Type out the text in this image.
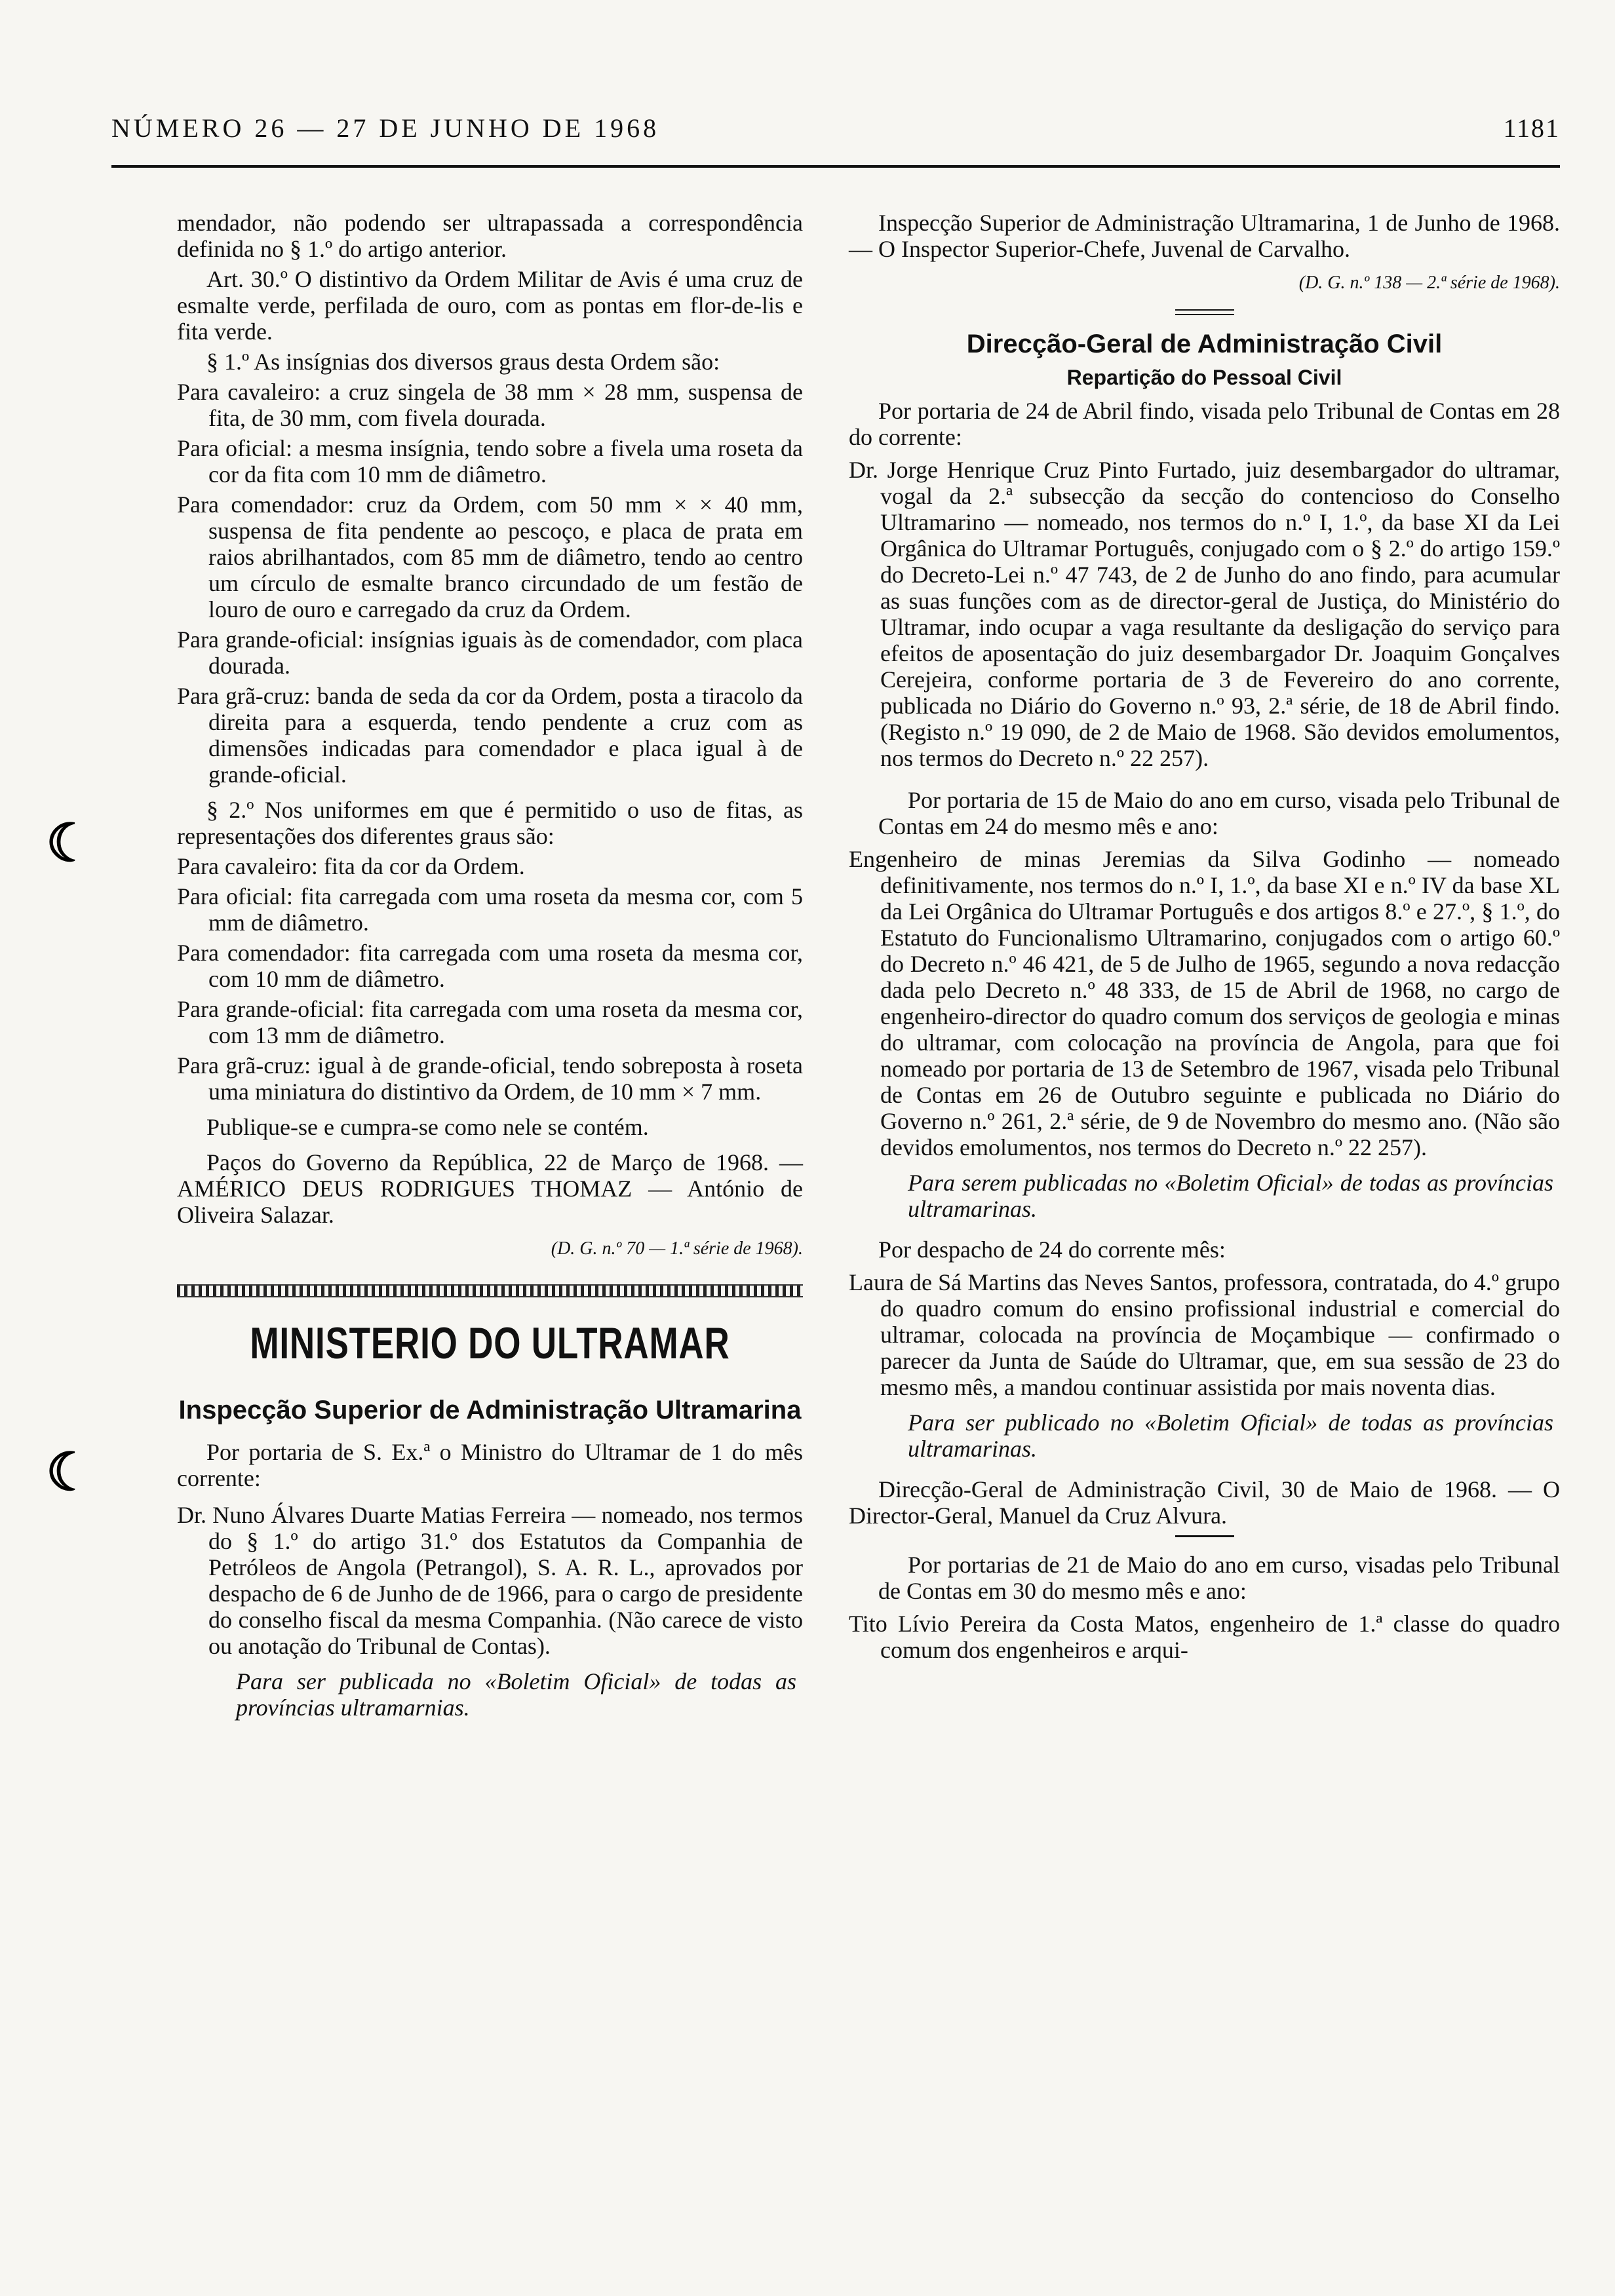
NÚMERO 26 — 27 DE JUNHO DE 1968	1181
☾
☾

mendador, não podendo ser ultrapassada a correspondência definida no § 1.º do artigo anterior.

Art. 30.º O distintivo da Ordem Militar de Avis é uma cruz de esmalte verde, perfilada de ouro, com as pontas em flor-de-lis e fita verde.

§ 1.º As insígnias dos diversos graus desta Ordem são:

Para cavaleiro: a cruz singela de 38 mm × 28 mm, suspensa de fita, de 30 mm, com fivela dourada.

Para oficial: a mesma insígnia, tendo sobre a fivela uma roseta da cor da fita com 10 mm de diâmetro.

Para comendador: cruz da Ordem, com 50 mm × × 40 mm, suspensa de fita pendente ao pescoço, e placa de prata em raios abrilhantados, com 85 mm de diâmetro, tendo ao centro um círculo de esmalte branco circundado de um festão de louro de ouro e carregado da cruz da Ordem.

Para grande-oficial: insígnias iguais às de comendador, com placa dourada.

Para grã-cruz: banda de seda da cor da Ordem, posta a tiracolo da direita para a esquerda, tendo pendente a cruz com as dimensões indicadas para comendador e placa igual à de grande-oficial.

§ 2.º Nos uniformes em que é permitido o uso de fitas, as representações dos diferentes graus são:

Para cavaleiro: fita da cor da Ordem.

Para oficial: fita carregada com uma roseta da mesma cor, com 5 mm de diâmetro.

Para comendador: fita carregada com uma roseta da mesma cor, com 10 mm de diâmetro.

Para grande-oficial: fita carregada com uma roseta da mesma cor, com 13 mm de diâmetro.

Para grã-cruz: igual à de grande-oficial, tendo sobreposta à roseta uma miniatura do distintivo da Ordem, de 10 mm × 7 mm.

Publique-se e cumpra-se como nele se contém.

Paços do Governo da República, 22 de Março de 1968. — AMÉRICO DEUS RODRIGUES THOMAZ — António de Oliveira Salazar.

(D. G. n.º 70 — 1.ª série de 1968).

MINISTERIO DO ULTRAMAR
Inspecção Superior de Administração Ultramarina

Por portaria de S. Ex.ª o Ministro do Ultramar de 1 do mês corrente:

Dr. Nuno Álvares Duarte Matias Ferreira — nomeado, nos termos do § 1.º do artigo 31.º dos Estatutos da Companhia de Petróleos de Angola (Petrangol), S. A. R. L., aprovados por despacho de 6 de Junho de de 1966, para o cargo de presidente do conselho fiscal da mesma Companhia. (Não carece de visto ou anotação do Tribunal de Contas).

Para ser publicada no «Boletim Oficial» de todas as províncias ultramarnias.

Inspecção Superior de Administração Ultramarina, 1 de Junho de 1968. — O Inspector Superior-Chefe, Juvenal de Carvalho.

(D. G. n.º 138 — 2.ª série de 1968).

Direcção-Geral de Administração Civil
Repartição do Pessoal Civil

Por portaria de 24 de Abril findo, visada pelo Tribunal de Contas em 28 do corrente:

Dr. Jorge Henrique Cruz Pinto Furtado, juiz desembargador do ultramar, vogal da 2.ª subsecção da secção do contencioso do Conselho Ultramarino — nomeado, nos termos do n.º I, 1.º, da base XI da Lei Orgânica do Ultramar Português, conjugado com o § 2.º do artigo 159.º do Decreto-Lei n.º 47 743, de 2 de Junho do ano findo, para acumular as suas funções com as de director-geral de Justiça, do Ministério do Ultramar, indo ocupar a vaga resultante da desligação do serviço para efeitos de aposentação do juiz desembargador Dr. Joaquim Gonçalves Cerejeira, conforme portaria de 3 de Fevereiro do ano corrente, publicada no Diário do Governo n.º 93, 2.ª série, de 18 de Abril findo. (Registo n.º 19 090, de 2 de Maio de 1968. São devidos emolumentos, nos termos do Decreto n.º 22 257).

Por portaria de 15 de Maio do ano em curso, visada pelo Tribunal de Contas em 24 do mesmo mês e ano:

Engenheiro de minas Jeremias da Silva Godinho — nomeado definitivamente, nos termos do n.º I, 1.º, da base XI e n.º IV da base XL da Lei Orgânica do Ultramar Português e dos artigos 8.º e 27.º, § 1.º, do Estatuto do Funcionalismo Ultramarino, conjugados com o artigo 60.º do Decreto n.º 46 421, de 5 de Julho de 1965, segundo a nova redacção dada pelo Decreto n.º 48 333, de 15 de Abril de 1968, no cargo de engenheiro-director do quadro comum dos serviços de geologia e minas do ultramar, com colocação na província de Angola, para que foi nomeado por portaria de 13 de Setembro de 1967, visada pelo Tribunal de Contas em 26 de Outubro seguinte e publicada no Diário do Governo n.º 261, 2.ª série, de 9 de Novembro do mesmo ano. (Não são devidos emolumentos, nos termos do Decreto n.º 22 257).

Para serem publicadas no «Boletim Oficial» de todas as províncias ultramarinas.

Por despacho de 24 do corrente mês:

Laura de Sá Martins das Neves Santos, professora, contratada, do 4.º grupo do quadro comum do ensino profissional industrial e comercial do ultramar, colocada na província de Moçambique — confirmado o parecer da Junta de Saúde do Ultramar, que, em sua sessão de 23 do mesmo mês, a mandou continuar assistida por mais noventa dias.

Para ser publicado no «Boletim Oficial» de todas as províncias ultramarinas.

Direcção-Geral de Administração Civil, 30 de Maio de 1968. — O Director-Geral, Manuel da Cruz Alvura.

Por portarias de 21 de Maio do ano em curso, visadas pelo Tribunal de Contas em 30 do mesmo mês e ano:

Tito Lívio Pereira da Costa Matos, engenheiro de 1.ª classe do quadro comum dos engenheiros e arqui-
